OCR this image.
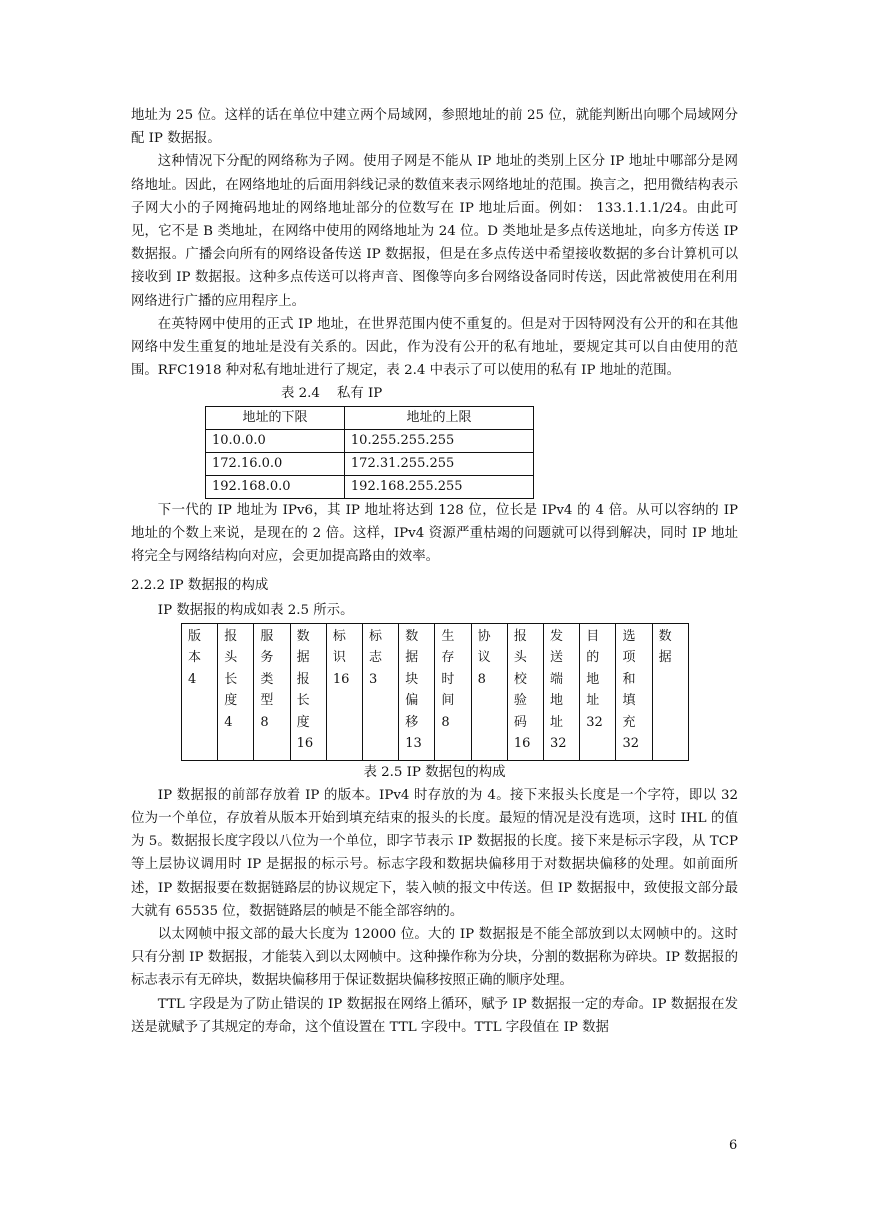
地址为 25 位。这样的话在单位中建立两个局域网，参照地址的前 25 位，就能判断出向哪个局域网分配 IP 数据报。

这种情况下分配的网络称为子网。使用子网是不能从 IP 地址的类别上区分 IP 地址中哪部分是网络地址。因此，在网络地址的后面用斜线记录的数值来表示网络地址的范围。换言之，把用微结构表示子网大小的子网掩码地址的网络地址部分的位数写在 IP 地址后面。例如： 133.1.1.1/24。由此可见，它不是 B 类地址，在网络中使用的网络地址为 24 位。D 类地址是多点传送地址，向多方传送 IP 数据报。广播会向所有的网络设备传送 IP 数据报，但是在多点传送中希望接收数据的多台计算机可以接收到 IP 数据报。这种多点传送可以将声音、图像等向多台网络设备同时传送，因此常被使用在利用网络进行广播的应用程序上。

在英特网中使用的正式 IP 地址，在世界范围内使不重复的。但是对于因特网没有公开的和在其他网络中发生重复的地址是没有关系的。因此，作为没有公开的私有地址，要规定其可以自由使用的范围。RFC1918 种对私有地址进行了规定，表 2.4 中表示了可以使用的私有 IP 地址的范围。

表 2.4    私有 IP
地址的下限	地址的上限
10.0.0.0	10.255.255.255
172.16.0.0	172.31.255.255
192.168.0.0	192.168.255.255

下一代的 IP 地址为 IPv6，其 IP 地址将达到 128 位，位长是 IPv4 的 4 倍。从可以容纳的 IP 地址的个数上来说，是现在的 2 倍。这样，IPv4 资源严重枯竭的问题就可以得到解决，同时 IP 地址将完全与网络结构向对应，会更加提高路由的效率。

2.2.2 IP 数据报的构成

IP 数据报的构成如表 2.5 所示。

版
本
4

报
头
长
度
4

服
务
类
型
8

数
据
报
长
度
16

标
识
16

标
志
3

数
据
块
偏
移
13

生
存
时
间
8

协
议
8

报
头
校
验
码
16

发
送
端
地
址
32

目
的
地
址
32

选
项
和
填
充
32

数
据
表 2.5 IP 数据包的构成

IP 数据报的前部存放着 IP 的版本。IPv4 时存放的为 4。接下来报头长度是一个字符，即以 32 位为一个单位，存放着从版本开始到填充结束的报头的长度。最短的情况是没有选项，这时 IHL 的值为 5。数据报长度字段以八位为一个单位，即字节表示 IP 数据报的长度。接下来是标示字段，从 TCP 等上层协议调用时 IP 是据报的标示号。标志字段和数据块偏移用于对数据块偏移的处理。如前面所述，IP 数据报要在数据链路层的协议规定下，装入帧的报文中传送。但 IP 数据报中，致使报文部分最大就有 65535 位，数据链路层的帧是不能全部容纳的。

以太网帧中报文部的最大长度为 12000 位。大的 IP 数据报是不能全部放到以太网帧中的。这时只有分割 IP 数据报，才能装入到以太网帧中。这种操作称为分块，分割的数据称为碎块。IP 数据报的标志表示有无碎块，数据块偏移用于保证数据块偏移按照正确的顺序处理。

TTL 字段是为了防止错误的 IP 数据报在网络上循环，赋予 IP 数据报一定的寿命。IP 数据报在发送是就赋予了其规定的寿命，这个值设置在 TTL 字段中。TTL 字段值在 IP 数据

6
